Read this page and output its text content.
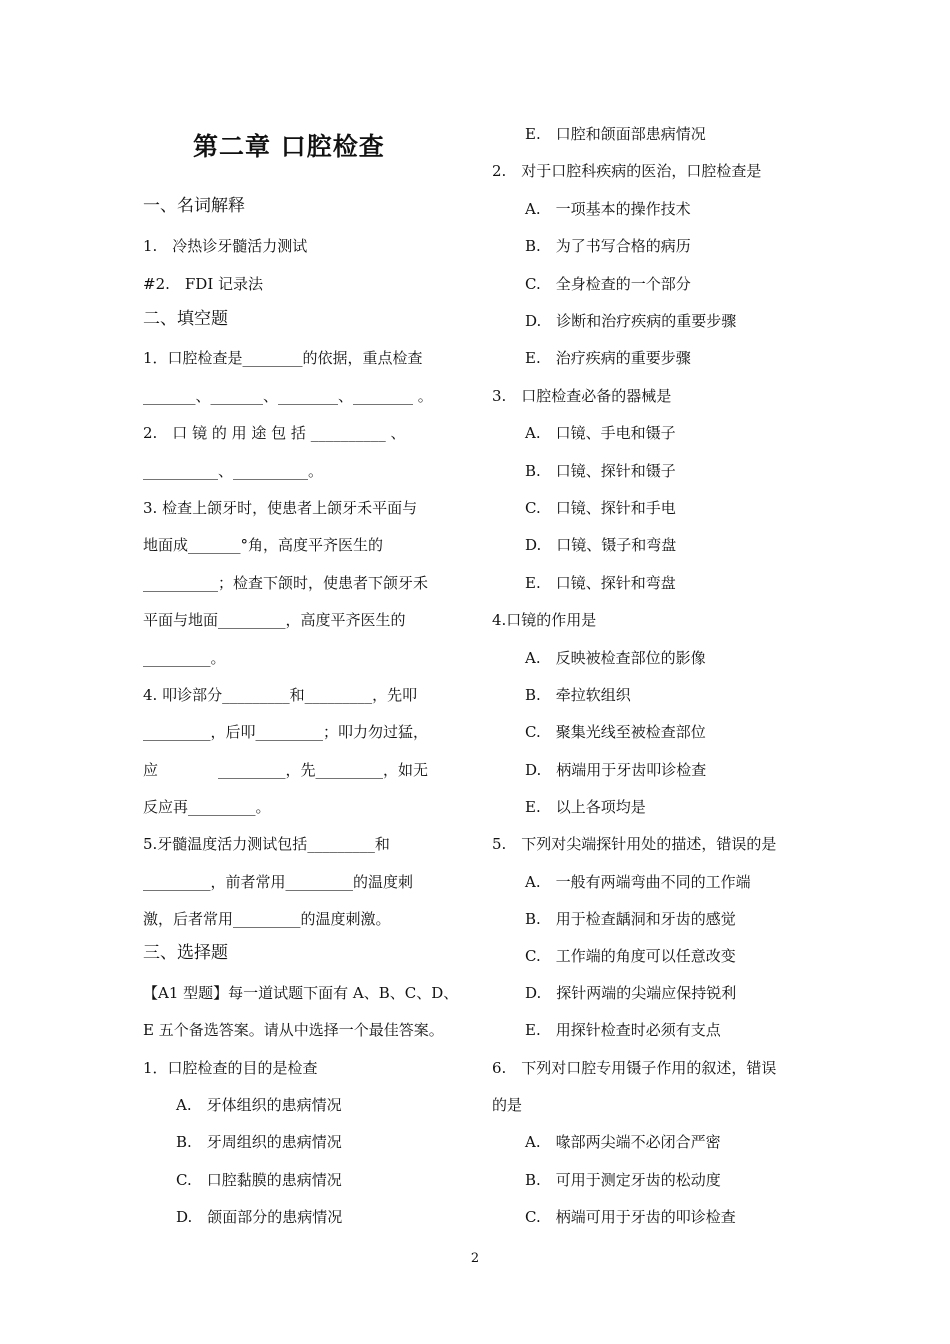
第二章 口腔检查
一、名词解释
1.　冷热诊牙髓活力测试
#2.　FDI 记录法
二、填空题
1．口腔检查是________的依据，重点检查
_______、_______、________、________ 。
2.　口 镜 的 用 途 包 括 __________ 、
__________、__________。
3. 检查上颌牙时，使患者上颌牙禾平面与
地面成_______°角，高度平齐医生的
__________；检查下颌时，使患者下颌牙禾
平面与地面_________，高度平齐医生的
_________。
4. 叩诊部分_________和_________，先叩
_________，后叩_________；叩力勿过猛，
应　　　　_________，先_________，如无
反应再_________。
5.牙髓温度活力测试包括_________和
_________，前者常用_________的温度刺
激，后者常用_________的温度刺激。
三、选择题
【A1 型题】每一道试题下面有 A、B、C、D、
E 五个备选答案。请从中选择一个最佳答案。
1．口腔检查的目的是检查
A.　牙体组织的患病情况
B.　牙周组织的患病情况
C.　口腔黏膜的患病情况
D.　颌面部分的患病情况
E.　口腔和颌面部患病情况
2.　对于口腔科疾病的医治，口腔检查是
A.　一项基本的操作技术
B.　为了书写合格的病历
C.　全身检查的一个部分
D.　诊断和治疗疾病的重要步骤
E.　治疗疾病的重要步骤
3.　口腔检查必备的器械是
A.　口镜、手电和镊子
B.　口镜、探针和镊子
C.　口镜、探针和手电
D.　口镜、镊子和弯盘
E.　口镜、探针和弯盘
4.口镜的作用是
A.　反映被检查部位的影像
B.　牵拉软组织
C.　聚集光线至被检查部位
D.　柄端用于牙齿叩诊检查
E.　以上各项均是
5.　下列对尖端探针用处的描述，错误的是
A.　一般有两端弯曲不同的工作端
B.　用于检查龋洞和牙齿的感觉
C.　工作端的角度可以任意改变
D.　探针两端的尖端应保持锐利
E.　用探针检查时必须有支点
6.　下列对口腔专用镊子作用的叙述，错误
的是
A.　喙部两尖端不必闭合严密
B.　可用于测定牙齿的松动度
C.　柄端可用于牙齿的叩诊检查
2
